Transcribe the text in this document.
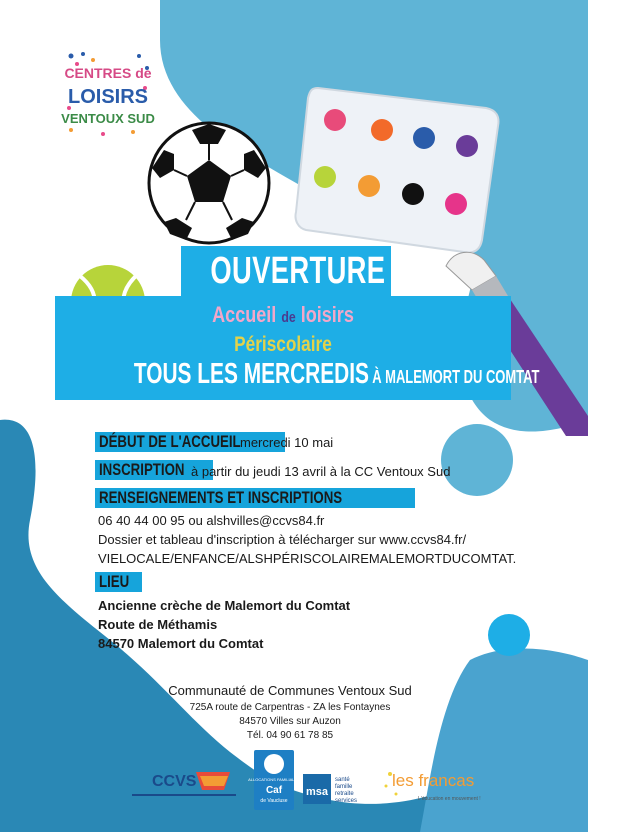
CENTRES de
LOISIRS
VENTOUX SUD
OUVERTURE
Accueil de loisirs
Périscolaire
TOUS LES MERCREDIS À MALEMORT DU COMTAT
DÉBUT DE L'ACCUEIL mercredi 10 mai
INSCRIPTION à partir du jeudi 13 avril à la CC Ventoux Sud
RENSEIGNEMENTS ET INSCRIPTIONS
06 40 44 00 95 ou alshvilles@ccvs84.fr
Dossier et tableau d'inscription à télécharger sur www.ccvs84.fr/
VIELOCALE/ENFANCE/ALSHPÉRISCOLAIREMALEMORTDUCOMTAT.
LIEU
Ancienne crèche de Malemort du Comtat
Route de Méthamis
84570 Malemort du Comtat
Communauté de Communes Ventoux Sud
725A route de Carpentras - ZA les Fontaynes
84570 Villes sur Auzon
Tél. 04 90 61 78 85
CCVS	ALLOCATIONS FAMILIALES
Caf
de Vaucluse
msa
santé
famille
retraite
services
les francas
L'éducation en mouvement !
